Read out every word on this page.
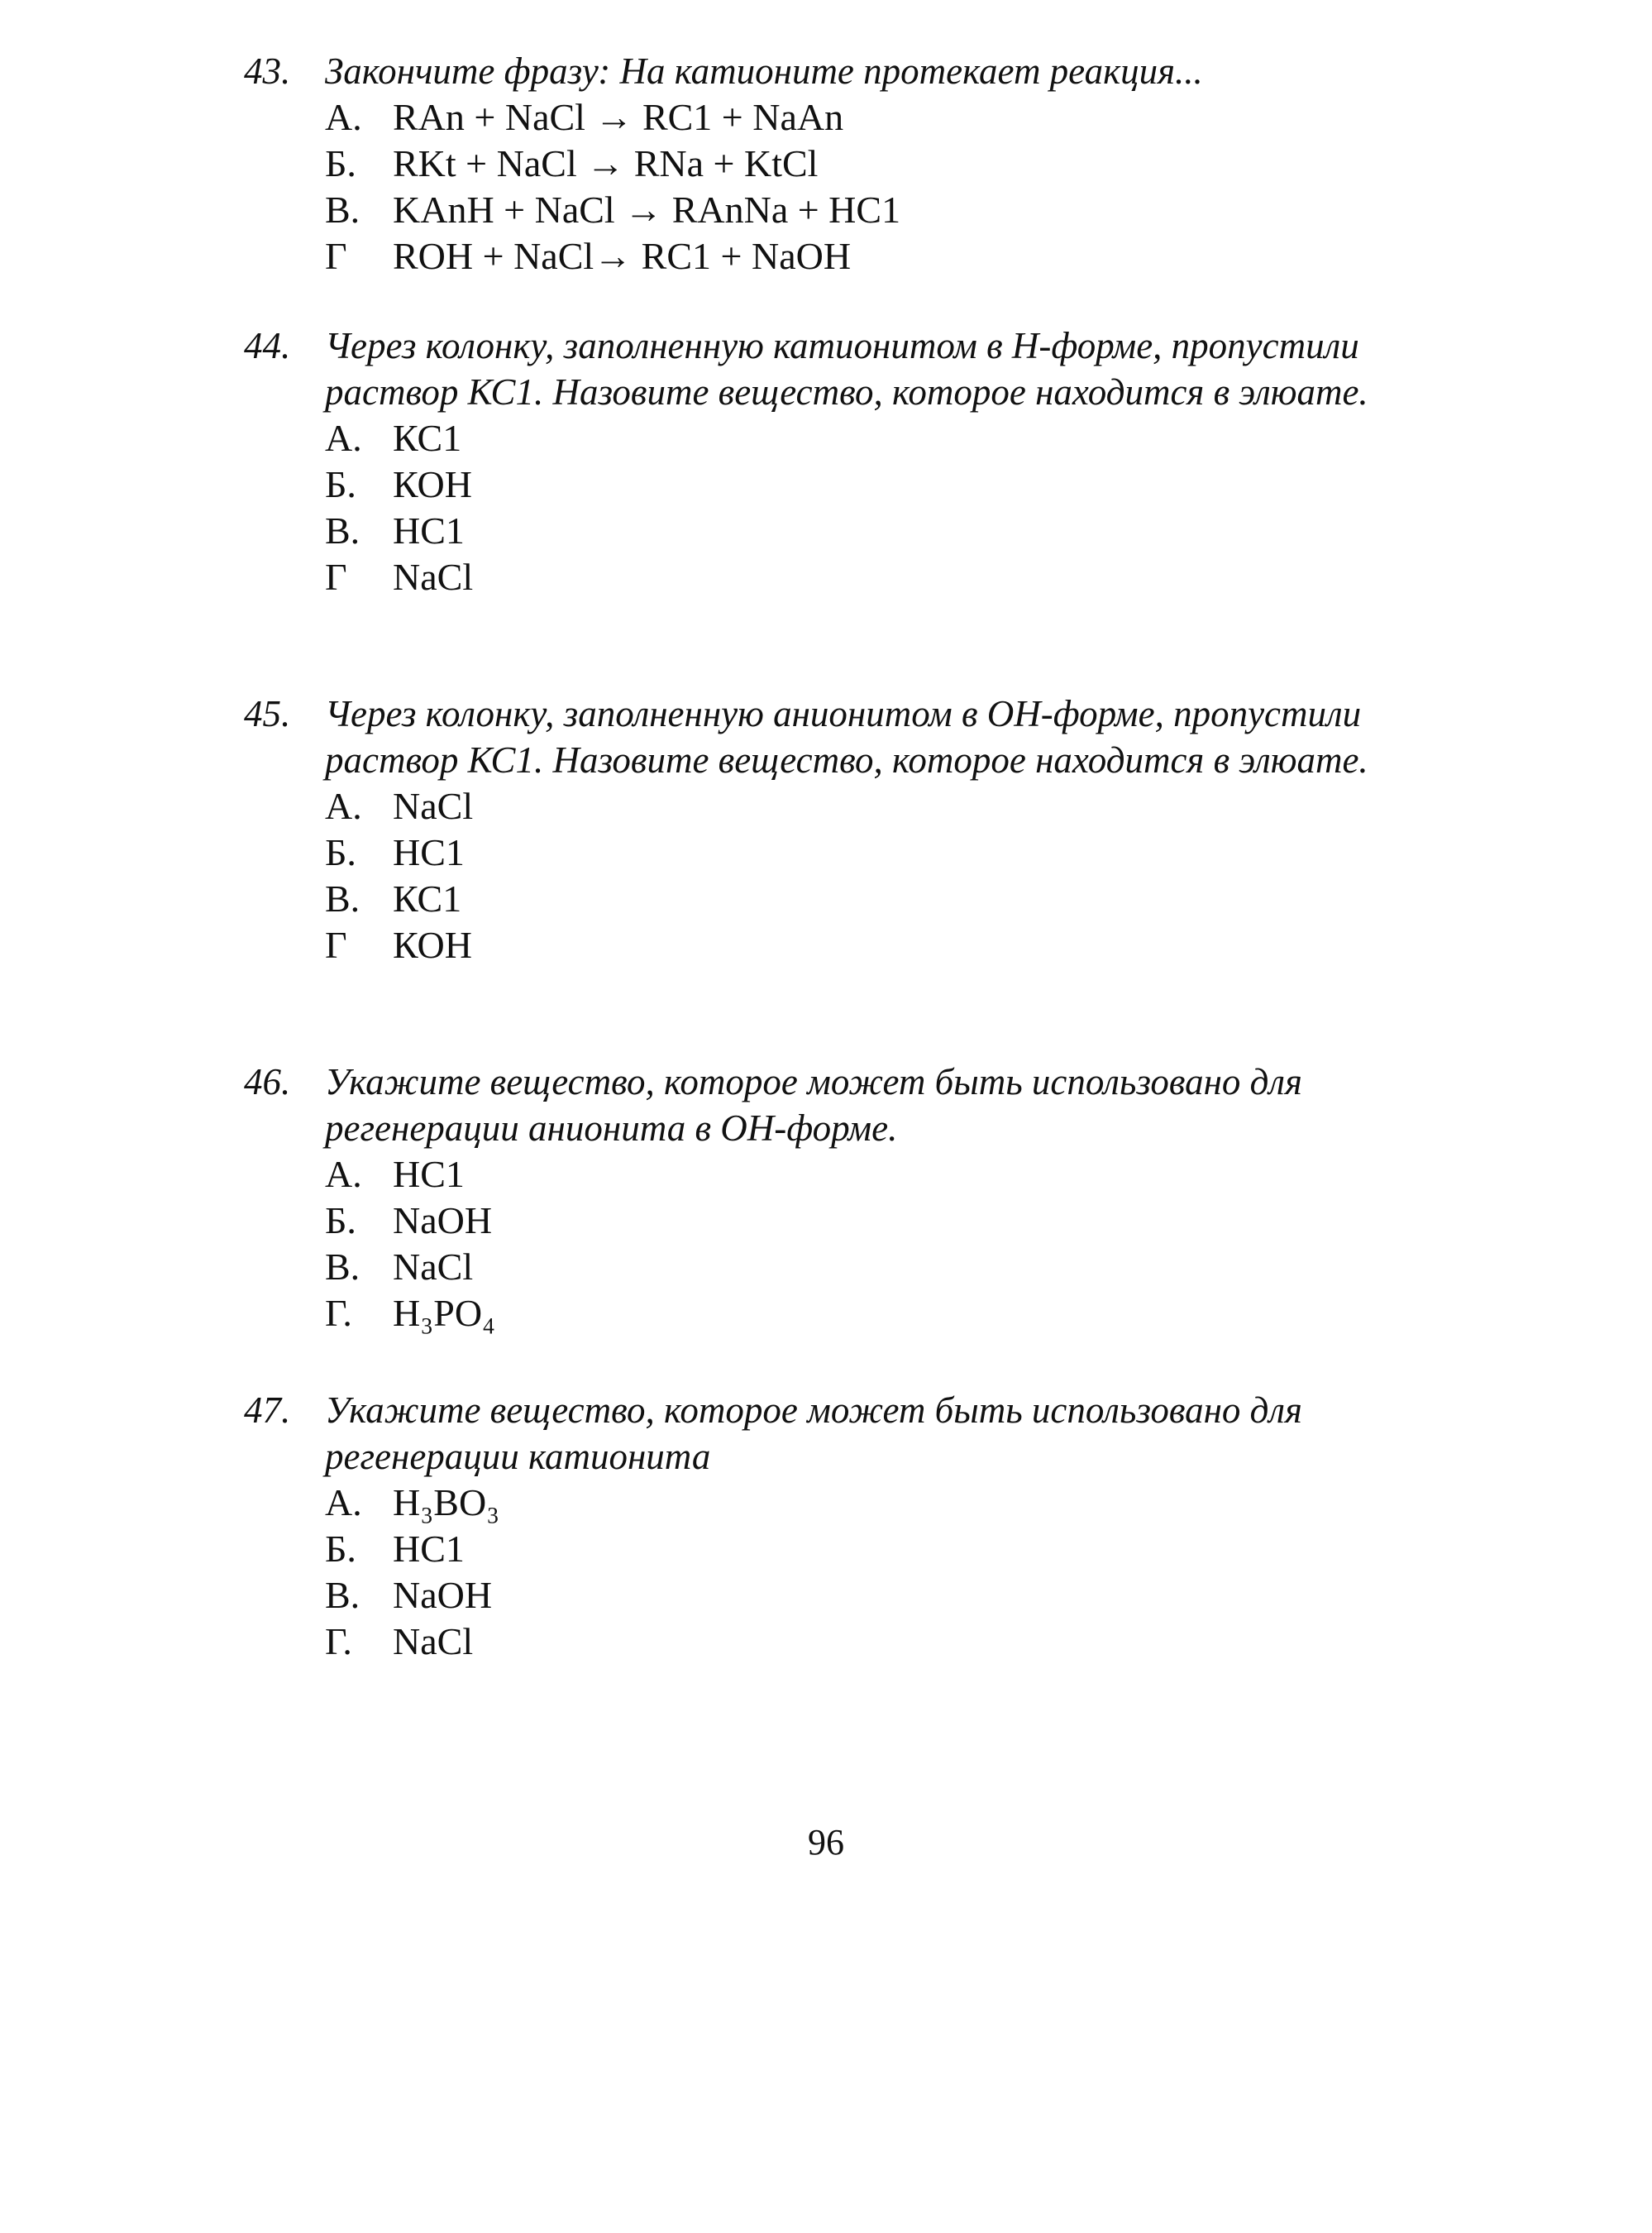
43. Закончите фразу: На катионите протекает реакция...
А. RAn + NaCl → RC1 + NaAn
Б. RKt + NaCl → RNa + KtCl
В. KAnH + NaCl → RAnNa + HC1
Г ROH + NaCl→ RC1 + NaOH
44. Через колонку, заполненную катионитом в Н-форме, пропустили раствор КС1. Назовите вещество, которое находится в элюате.
А. КС1
Б. КОН
В. НС1
Г NaCl
45. Через колонку, заполненную анионитом в ОН-форме, пропустили раствор КС1. Назовите вещество, которое находится в элюате.
А. NaCl
Б. НС1
В. КС1
Г КОН
46. Укажите вещество, которое может быть использовано для регенерации анионита в ОН-форме.
А. НС1
Б. NaOH
В. NaCl
Г. H₃PO₄
47. Укажите вещество, которое может быть использовано для регенерации катионита
А. H₃BO₃
Б. НС1
В. NaOH
Г. NaCl
96
